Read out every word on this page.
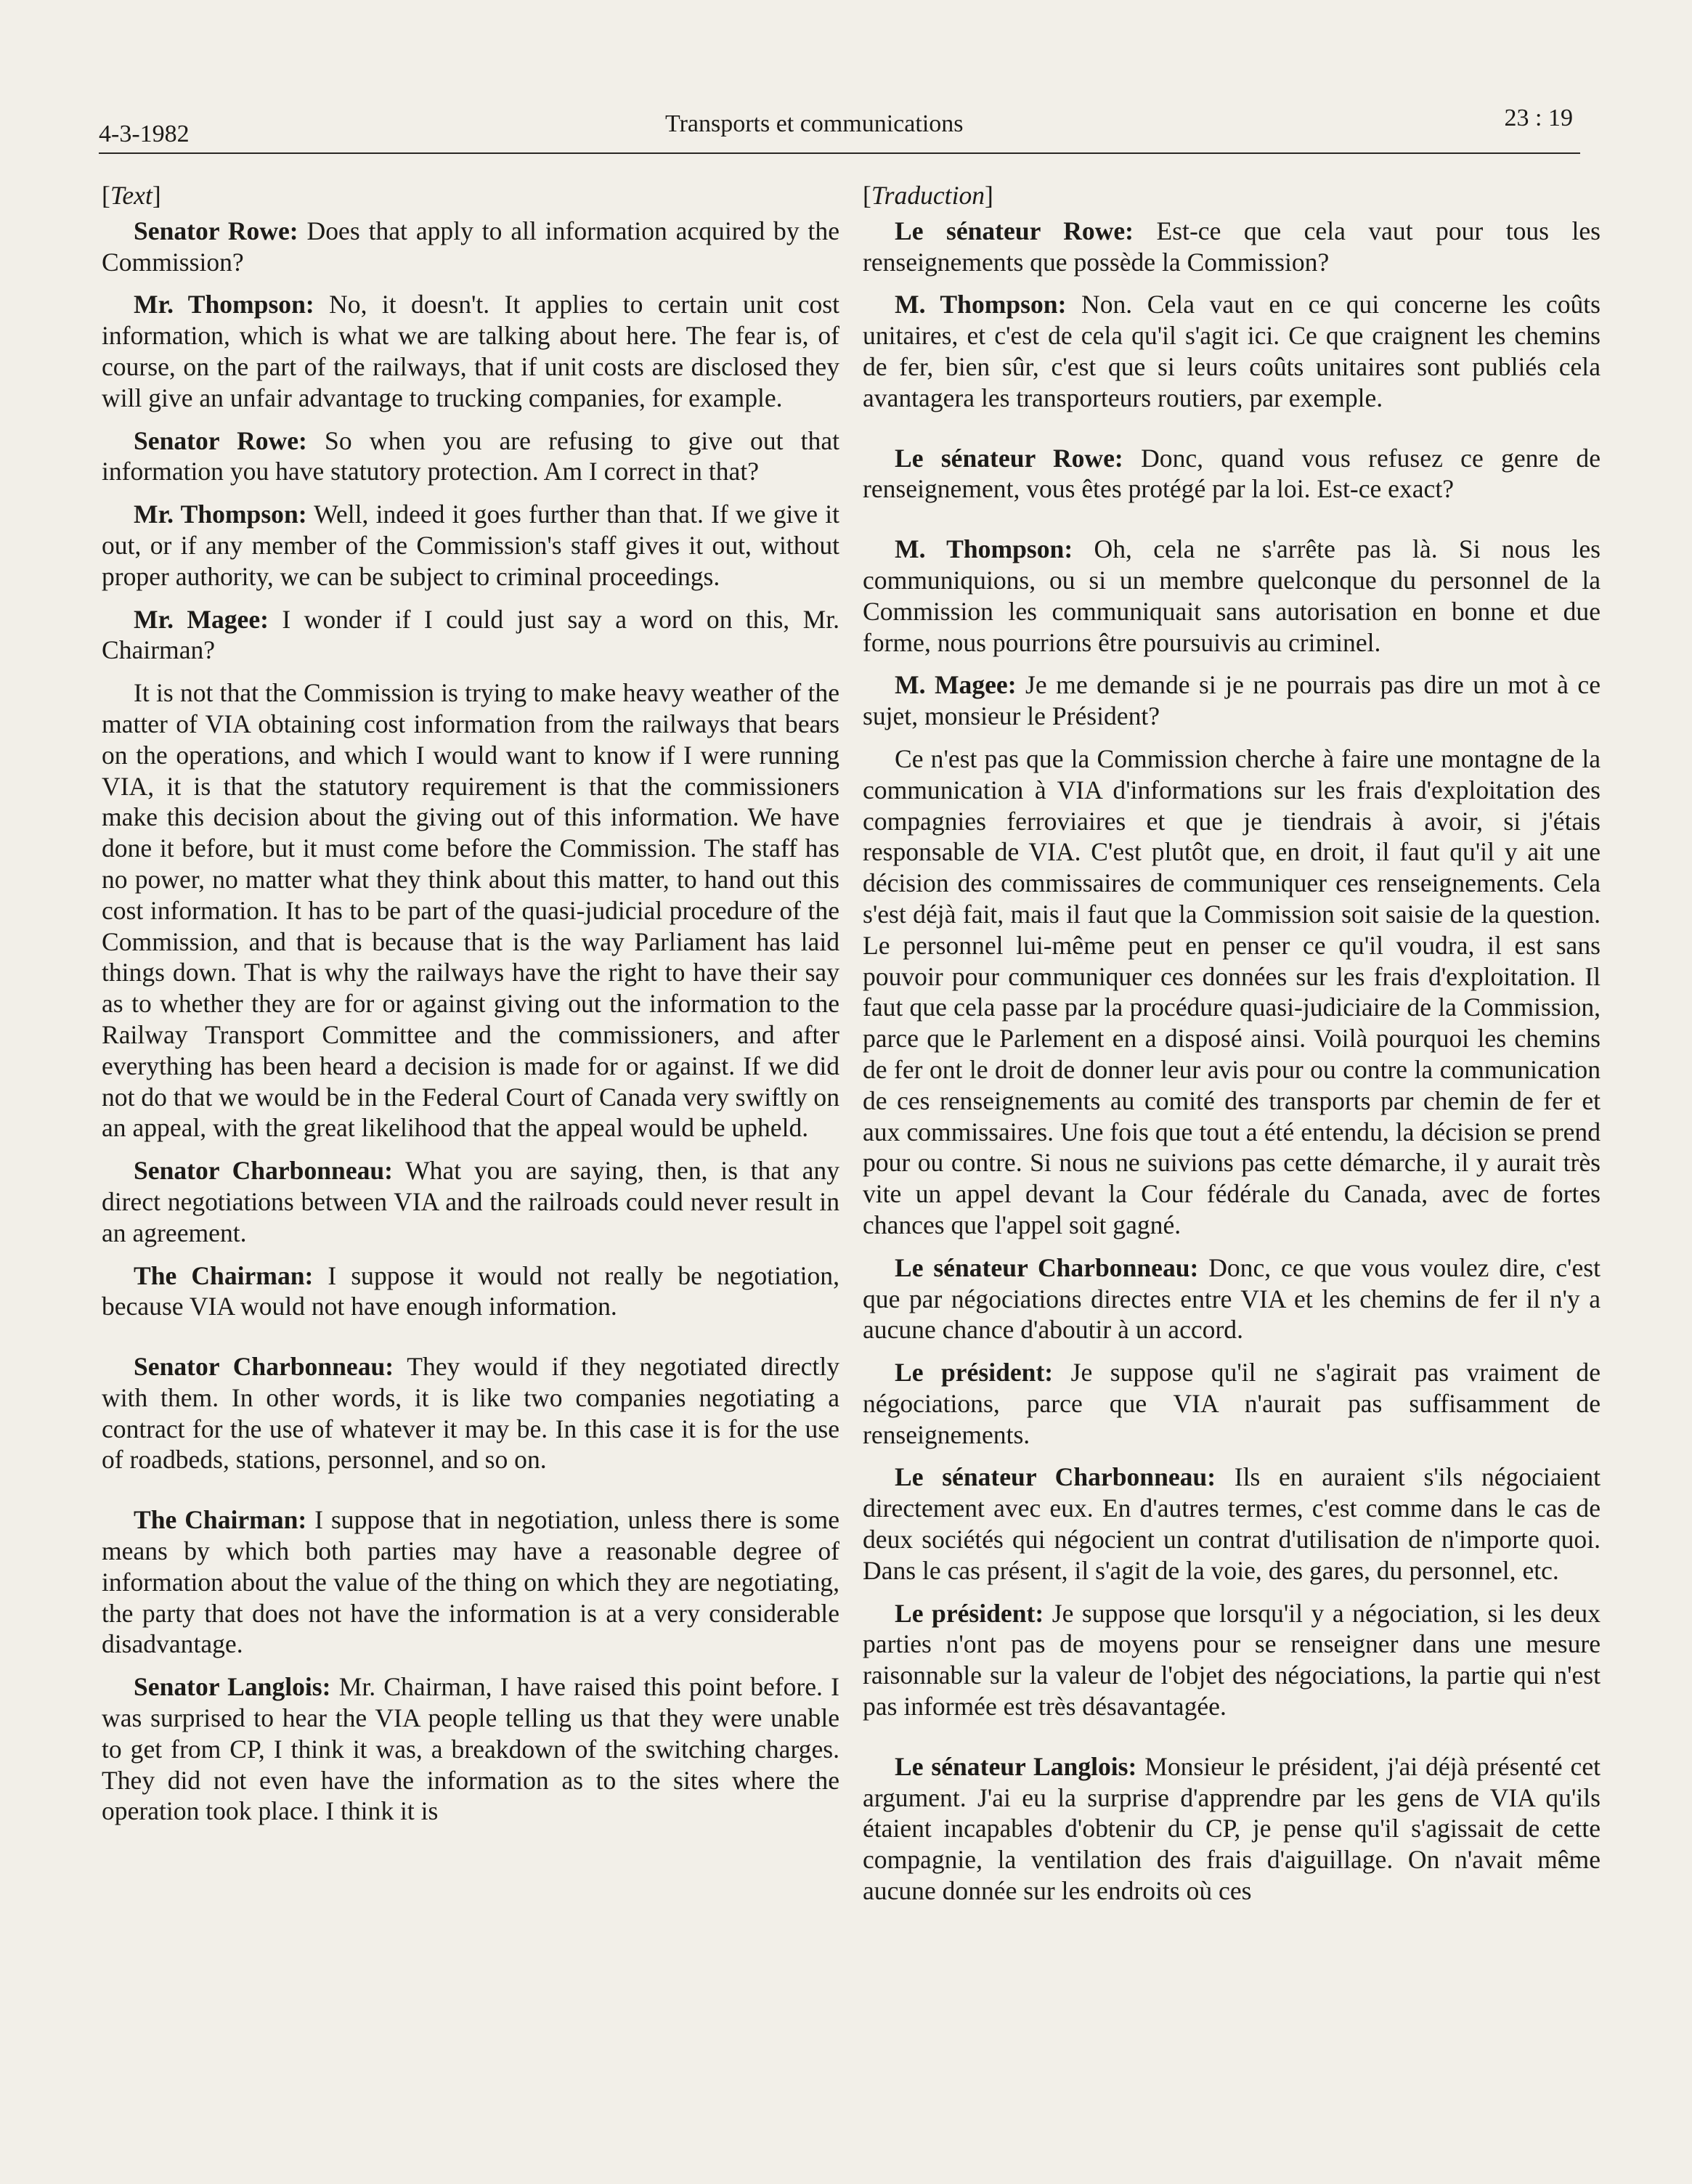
4-3-1982	Transports et communications	23 : 19

[Text]

Senator Rowe: Does that apply to all information acquired by the Commission?

Mr. Thompson: No, it doesn't. It applies to certain unit cost information, which is what we are talking about here. The fear is, of course, on the part of the railways, that if unit costs are disclosed they will give an unfair advantage to trucking companies, for example.

Senator Rowe: So when you are refusing to give out that information you have statutory protection. Am I correct in that?

Mr. Thompson: Well, indeed it goes further than that. If we give it out, or if any member of the Commission's staff gives it out, without proper authority, we can be subject to criminal proceedings.

Mr. Magee: I wonder if I could just say a word on this, Mr. Chairman?

It is not that the Commission is trying to make heavy weather of the matter of VIA obtaining cost information from the railways that bears on the operations, and which I would want to know if I were running VIA, it is that the statutory requirement is that the commissioners make this decision about the giving out of this information. We have done it before, but it must come before the Commission. The staff has no power, no matter what they think about this matter, to hand out this cost information. It has to be part of the quasi-judicial procedure of the Commission, and that is because that is the way Parliament has laid things down. That is why the railways have the right to have their say as to whether they are for or against giving out the information to the Railway Transport Committee and the commissioners, and after everything has been heard a decision is made for or against. If we did not do that we would be in the Federal Court of Canada very swiftly on an appeal, with the great likelihood that the appeal would be upheld.

Senator Charbonneau: What you are saying, then, is that any direct negotiations between VIA and the railroads could never result in an agreement.

The Chairman: I suppose it would not really be negotiation, because VIA would not have enough information.

Senator Charbonneau: They would if they negotiated directly with them. In other words, it is like two companies negotiating a contract for the use of whatever it may be. In this case it is for the use of roadbeds, stations, personnel, and so on.

The Chairman: I suppose that in negotiation, unless there is some means by which both parties may have a reasonable degree of information about the value of the thing on which they are negotiating, the party that does not have the information is at a very considerable disadvantage.

Senator Langlois: Mr. Chairman, I have raised this point before. I was surprised to hear the VIA people telling us that they were unable to get from CP, I think it was, a breakdown of the switching charges. They did not even have the information as to the sites where the operation took place. I think it is

[Traduction]

Le sénateur Rowe: Est-ce que cela vaut pour tous les renseignements que possède la Commission?

M. Thompson: Non. Cela vaut en ce qui concerne les coûts unitaires, et c'est de cela qu'il s'agit ici. Ce que craignent les chemins de fer, bien sûr, c'est que si leurs coûts unitaires sont publiés cela avantagera les transporteurs routiers, par exemple.

Le sénateur Rowe: Donc, quand vous refusez ce genre de renseignement, vous êtes protégé par la loi. Est-ce exact?

M. Thompson: Oh, cela ne s'arrête pas là. Si nous les communiquions, ou si un membre quelconque du personnel de la Commission les communiquait sans autorisation en bonne et due forme, nous pourrions être poursuivis au criminel.

M. Magee: Je me demande si je ne pourrais pas dire un mot à ce sujet, monsieur le Président?

Ce n'est pas que la Commission cherche à faire une montagne de la communication à VIA d'informations sur les frais d'exploitation des compagnies ferroviaires et que je tiendrais à avoir, si j'étais responsable de VIA. C'est plutôt que, en droit, il faut qu'il y ait une décision des commissaires de communiquer ces renseignements. Cela s'est déjà fait, mais il faut que la Commission soit saisie de la question. Le personnel lui-même peut en penser ce qu'il voudra, il est sans pouvoir pour communiquer ces données sur les frais d'exploitation. Il faut que cela passe par la procédure quasi-judiciaire de la Commission, parce que le Parlement en a disposé ainsi. Voilà pourquoi les chemins de fer ont le droit de donner leur avis pour ou contre la communication de ces renseignements au comité des transports par chemin de fer et aux commissaires. Une fois que tout a été entendu, la décision se prend pour ou contre. Si nous ne suivions pas cette démarche, il y aurait très vite un appel devant la Cour fédérale du Canada, avec de fortes chances que l'appel soit gagné.

Le sénateur Charbonneau: Donc, ce que vous voulez dire, c'est que par négociations directes entre VIA et les chemins de fer il n'y a aucune chance d'aboutir à un accord.

Le président: Je suppose qu'il ne s'agirait pas vraiment de négociations, parce que VIA n'aurait pas suffisamment de renseignements.

Le sénateur Charbonneau: Ils en auraient s'ils négociaient directement avec eux. En d'autres termes, c'est comme dans le cas de deux sociétés qui négocient un contrat d'utilisation de n'importe quoi. Dans le cas présent, il s'agit de la voie, des gares, du personnel, etc.

Le président: Je suppose que lorsqu'il y a négociation, si les deux parties n'ont pas de moyens pour se renseigner dans une mesure raisonnable sur la valeur de l'objet des négociations, la partie qui n'est pas informée est très désavantagée.

Le sénateur Langlois: Monsieur le président, j'ai déjà présenté cet argument. J'ai eu la surprise d'apprendre par les gens de VIA qu'ils étaient incapables d'obtenir du CP, je pense qu'il s'agissait de cette compagnie, la ventilation des frais d'aiguillage. On n'avait même aucune donnée sur les endroits où ces
